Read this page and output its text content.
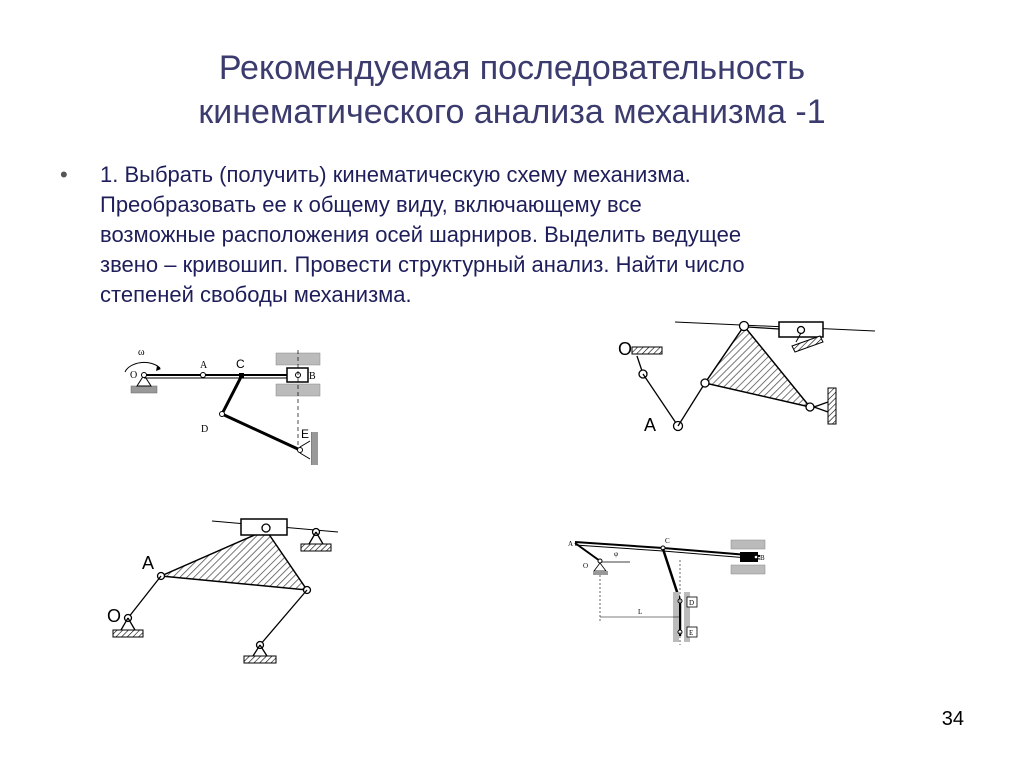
Рекомендуемая последовательность
кинематического анализа механизма -1
• 1. Выбрать (получить) кинематическую схему механизма.
Преобразовать ее к общему виду, включающему все
возможные расположения осей шарниров. Выделить ведущее
звено – кривошип. Провести структурный анализ. Найти число
степеней свободы механизма.
ω
O
A C
B
D	E
O
A
A
O
A
φ
O
C
B
D
E
L
34
